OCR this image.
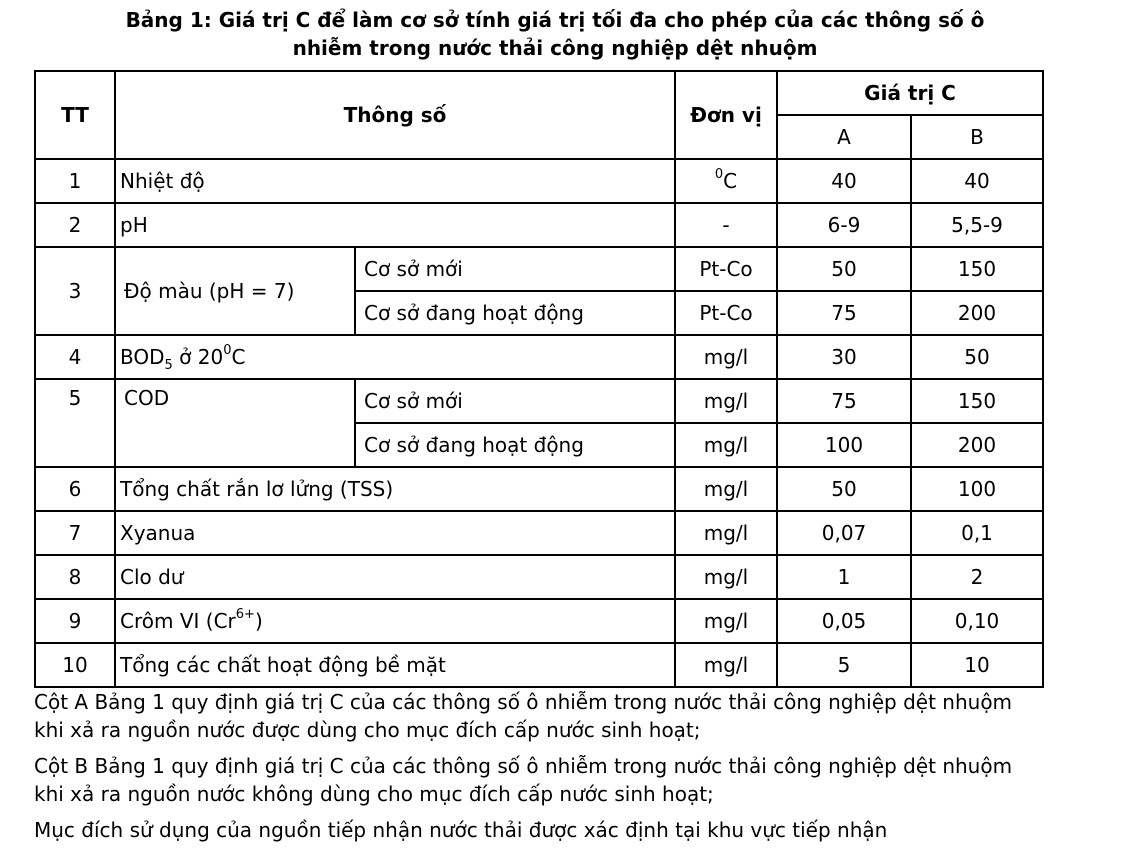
Bảng 1: Giá trị C để làm cơ sở tính giá trị tối đa cho phép của các thông số ô
nhiễm trong nước thải công nghiệp dệt nhuộm
TT	Thông số		Đơn vị	Giá trị C	
				A	B
1	Nhiệt độ		$^0$C	40	40
2	pH		-	6-9	5,5-9
3	Độ màu (pH = 7)	Cơ sở mới	Pt-Co	50	150
		Cơ sở đang hoạt động	Pt-Co	75	200
4	$BOD_5$ ở $20^0C$		mg/l	30	50
5	COD	Cơ sở mới	mg/l	75	150
		Cơ sở đang hoạt động	mg/l	100	200
6	Tổng chất rắn lơ lửng (TSS)		mg/l	50	100
7	Xyanua		mg/l	0,07	0,1
8	Clo dư		mg/l	1	2
9	Crôm VI $(Cr^{6+})$		mg/l	0,05	0,10
10	Tổng các chất hoạt động bề mặt		mg/l	5	10

Cột A Bảng 1 quy định giá trị C của các thông số ô nhiễm trong nước thải công nghiệp dệt nhuộm khi xả ra nguồn nước được dùng cho mục đích cấp nước sinh hoạt;

Cột B Bảng 1 quy định giá trị C của các thông số ô nhiễm trong nước thải công nghiệp dệt nhuộm khi xả ra nguồn nước không dùng cho mục đích cấp nước sinh hoạt;

Mục đích sử dụng của nguồn tiếp nhận nước thải được xác định tại khu vực tiếp nhận
